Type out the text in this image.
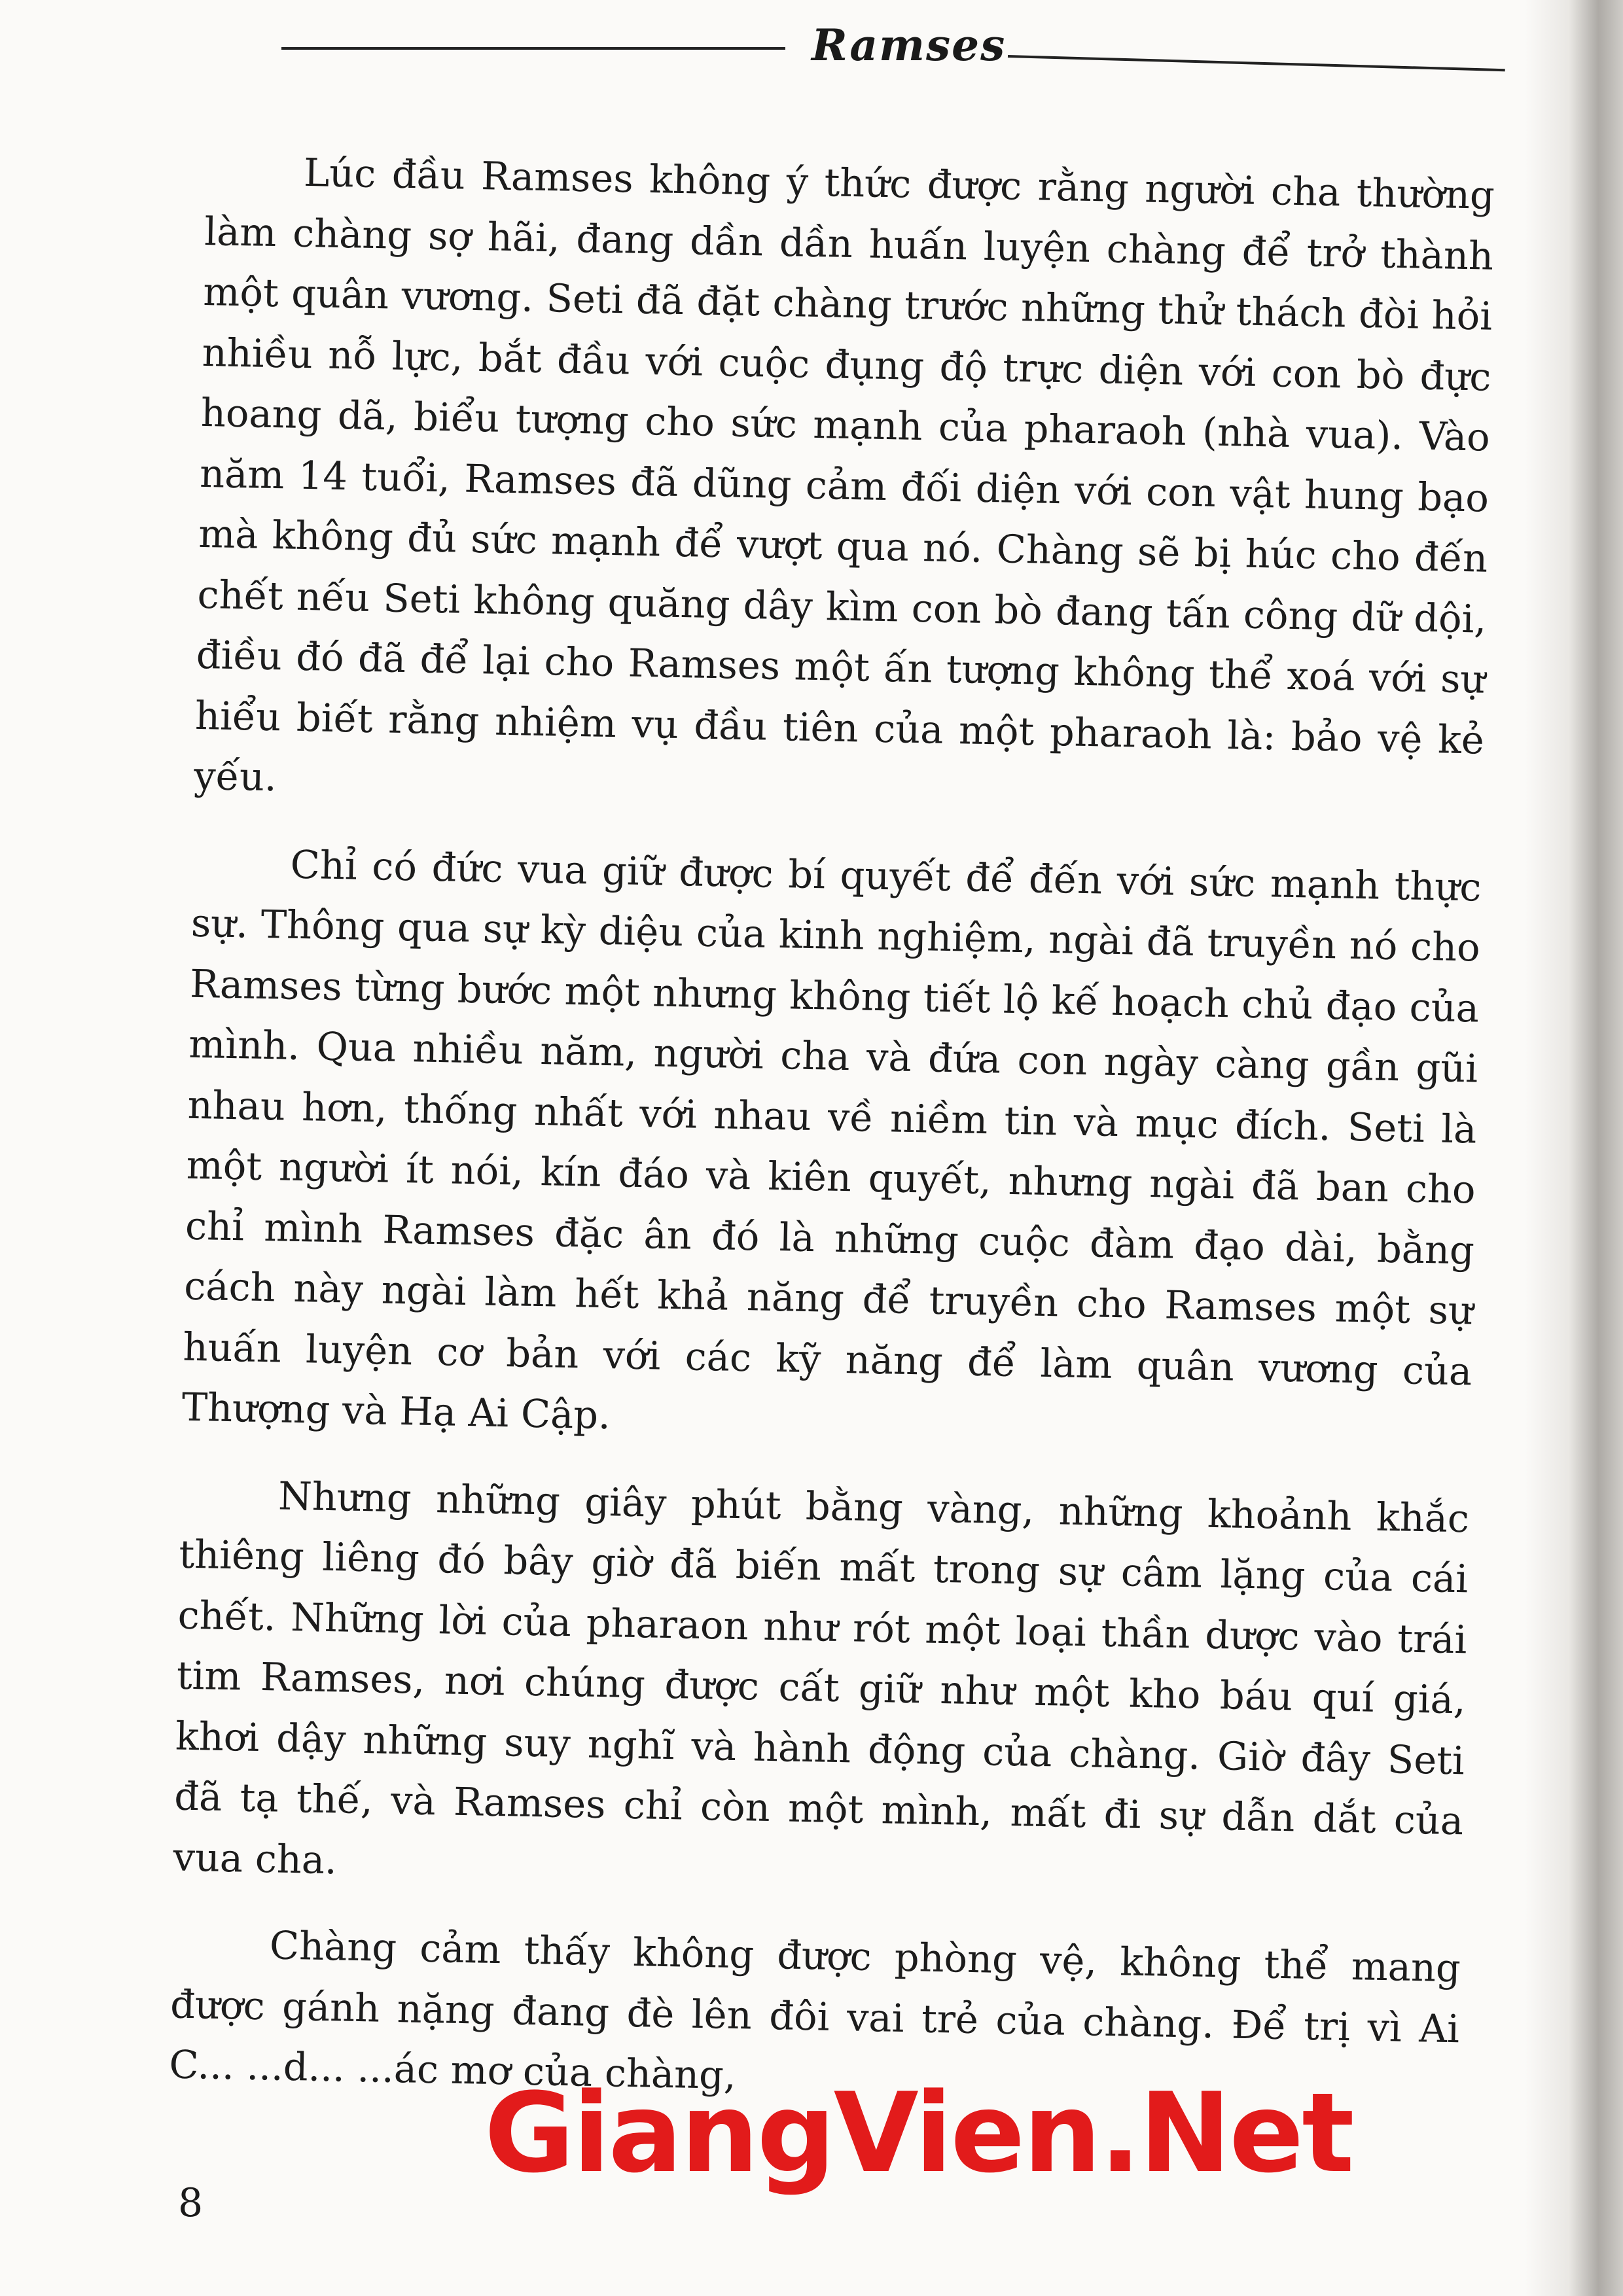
Ramses

Lúc đầu Ramses không ý thức được rằng người cha thường làm chàng sợ hãi, đang dần dần huấn luyện chàng để trở thành một quân vương. Seti đã đặt chàng trước những thử thách đòi hỏi nhiều nỗ lực, bắt đầu với cuộc đụng độ trực diện với con bò đực hoang dã, biểu tượng cho sức mạnh của pharaoh (nhà vua). Vào năm 14 tuổi, Ramses đã dũng cảm đối diện với con vật hung bạo mà không đủ sức mạnh để vượt qua nó. Chàng sẽ bị húc cho đến chết nếu Seti không quăng dây kìm con bò đang tấn công dữ dội, điều đó đã để lại cho Ramses một ấn tượng không thể xoá với sự hiểu biết rằng nhiệm vụ đầu tiên của một pharaoh là: bảo vệ kẻ yếu.

Chỉ có đức vua giữ được bí quyết để đến với sức mạnh thực sự. Thông qua sự kỳ diệu của kinh nghiệm, ngài đã truyền nó cho Ramses từng bước một nhưng không tiết lộ kế hoạch chủ đạo của mình. Qua nhiều năm, người cha và đứa con ngày càng gần gũi nhau hơn, thống nhất với nhau về niềm tin và mục đích. Seti là một người ít nói, kín đáo và kiên quyết, nhưng ngài đã ban cho chỉ mình Ramses đặc ân đó là những cuộc đàm đạo dài, bằng cách này ngài làm hết khả năng để truyền cho Ramses một sự huấn luyện cơ bản với các kỹ năng để làm quân vương của Thượng và Hạ Ai Cập.

Nhưng những giây phút bằng vàng, những khoảnh khắc thiêng liêng đó bây giờ đã biến mất trong sự câm lặng của cái chết. Những lời của pharaon như rót một loại thần dược vào trái tim Ramses, nơi chúng được cất giữ như một kho báu quí giá, khơi dậy những suy nghĩ và hành động của chàng. Giờ đây Seti đã tạ thế, và Ramses chỉ còn một mình, mất đi sự dẫn dắt của vua cha.

Chàng cảm thấy không được phòng vệ, không thể mang được gánh nặng đang đè lên đôi vai trẻ của chàng. Để trị vì Ai C... ...d... ...ác mơ của chàng,

GiangVien.Net
8
